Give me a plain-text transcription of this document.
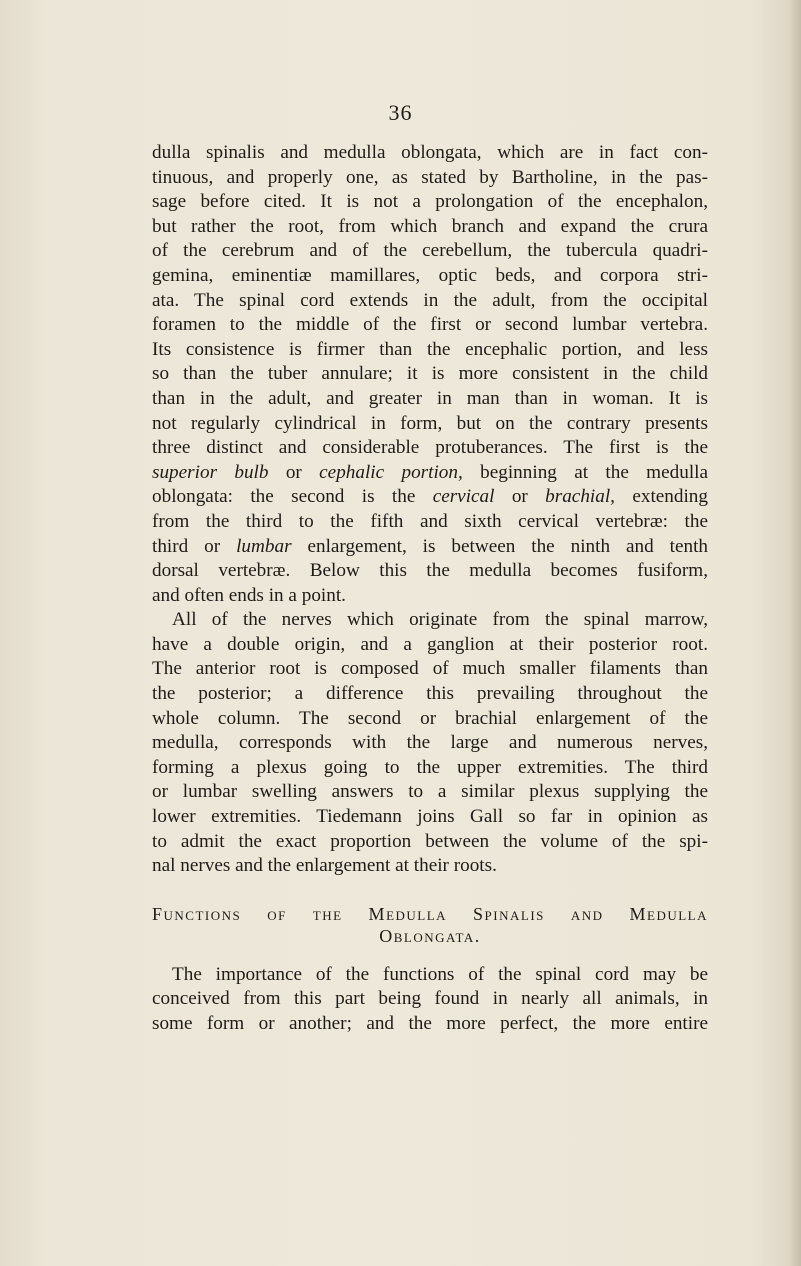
36

dulla spinalis and medulla oblongata, which are in fact con-
tinuous, and properly one, as stated by Bartholine, in the pas-
sage before cited. It is not a prolongation of the encephalon,
but rather the root, from which branch and expand the crura
of the cerebrum and of the cerebellum, the tubercula quadri-
gemina, eminentiæ mamillares, optic beds, and corpora stri-
ata. The spinal cord extends in the adult, from the occipital
foramen to the middle of the first or second lumbar vertebra.
Its consistence is firmer than the encephalic portion, and less
so than the tuber annulare; it is more consistent in the child
than in the adult, and greater in man than in woman. It is
not regularly cylindrical in form, but on the contrary presents
three distinct and considerable protuberances. The first is the
superior bulb or cephalic portion, beginning at the medulla
oblongata: the second is the cervical or brachial, extending
from the third to the fifth and sixth cervical vertebræ: the
third or lumbar enlargement, is between the ninth and tenth
dorsal vertebræ. Below this the medulla becomes fusiform,
and often ends in a point.

All of the nerves which originate from the spinal marrow,
have a double origin, and a ganglion at their posterior root.
The anterior root is composed of much smaller filaments than
the posterior; a difference this prevailing throughout the
whole column. The second or brachial enlargement of the
medulla, corresponds with the large and numerous nerves,
forming a plexus going to the upper extremities. The third
or lumbar swelling answers to a similar plexus supplying the
lower extremities. Tiedemann joins Gall so far in opinion as
to admit the exact proportion between the volume of the spi-
nal nerves and the enlargement at their roots.

Functions of the Medulla Spinalis and Medulla
Oblongata.

The importance of the functions of the spinal cord may be
conceived from this part being found in nearly all animals, in
some form or another; and the more perfect, the more entire
